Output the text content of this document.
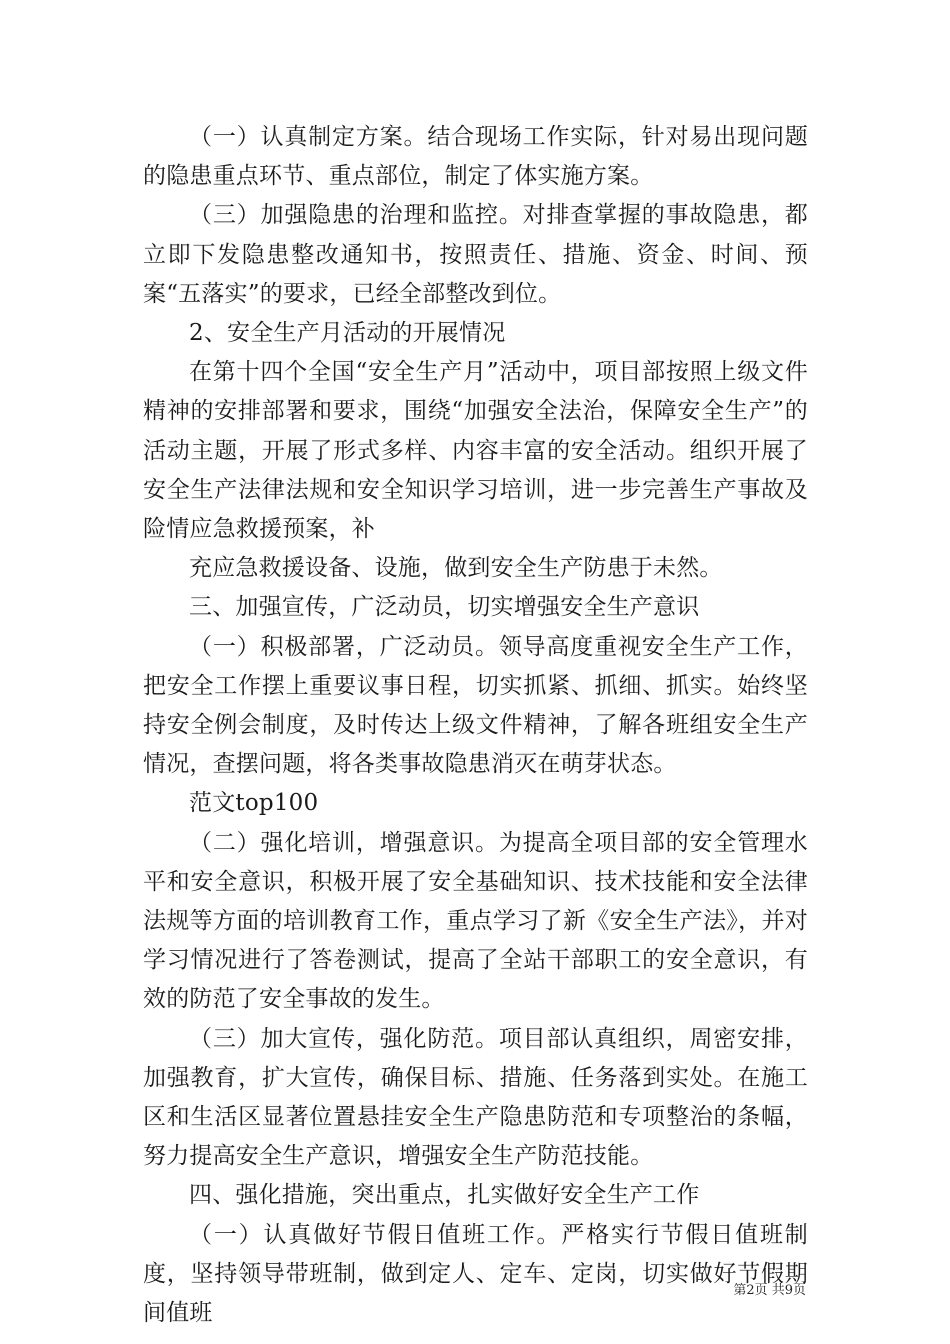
（一）认真制定方案。结合现场工作实际，针对易出现问题的隐患重点环节、重点部位，制定了体实施方案。

（三）加强隐患的治理和监控。对排查掌握的事故隐患，都立即下发隐患整改通知书，按照责任、措施、资金、时间、预案“五落实”的要求，已经全部整改到位。

2、安全生产月活动的开展情况

在第十四个全国“安全生产月”活动中，项目部按照上级文件精神的安排部署和要求，围绕“加强安全法治，保障安全生产”的活动主题，开展了形式多样、内容丰富的安全活动。组织开展了安全生产法律法规和安全知识学习培训，进一步完善生产事故及险情应急救援预案，补

充应急救援设备、设施，做到安全生产防患于未然。

三、加强宣传，广泛动员，切实增强安全生产意识

（一）积极部署，广泛动员。领导高度重视安全生产工作，把安全工作摆上重要议事日程，切实抓紧、抓细、抓实。始终坚持安全例会制度，及时传达上级文件精神，了解各班组安全生产情况，查摆问题，将各类事故隐患消灭在萌芽状态。

范文top100

（二）强化培训，增强意识。为提高全项目部的安全管理水平和安全意识，积极开展了安全基础知识、技术技能和安全法律法规等方面的培训教育工作，重点学习了新《安全生产法》，并对学习情况进行了答卷测试，提高了全站干部职工的安全意识，有效的防范了安全事故的发生。

（三）加大宣传，强化防范。项目部认真组织，周密安排，加强教育，扩大宣传，确保目标、措施、任务落到实处。在施工区和生活区显著位置悬挂安全生产隐患防范和专项整治的条幅，努力提高安全生产意识，增强安全生产防范技能。

四、强化措施，突出重点，扎实做好安全生产工作

（一）认真做好节假日值班工作。严格实行节假日值班制度，坚持领导带班制，做到定人、定车、定岗，切实做好节假期间值班

第2页 共9页
